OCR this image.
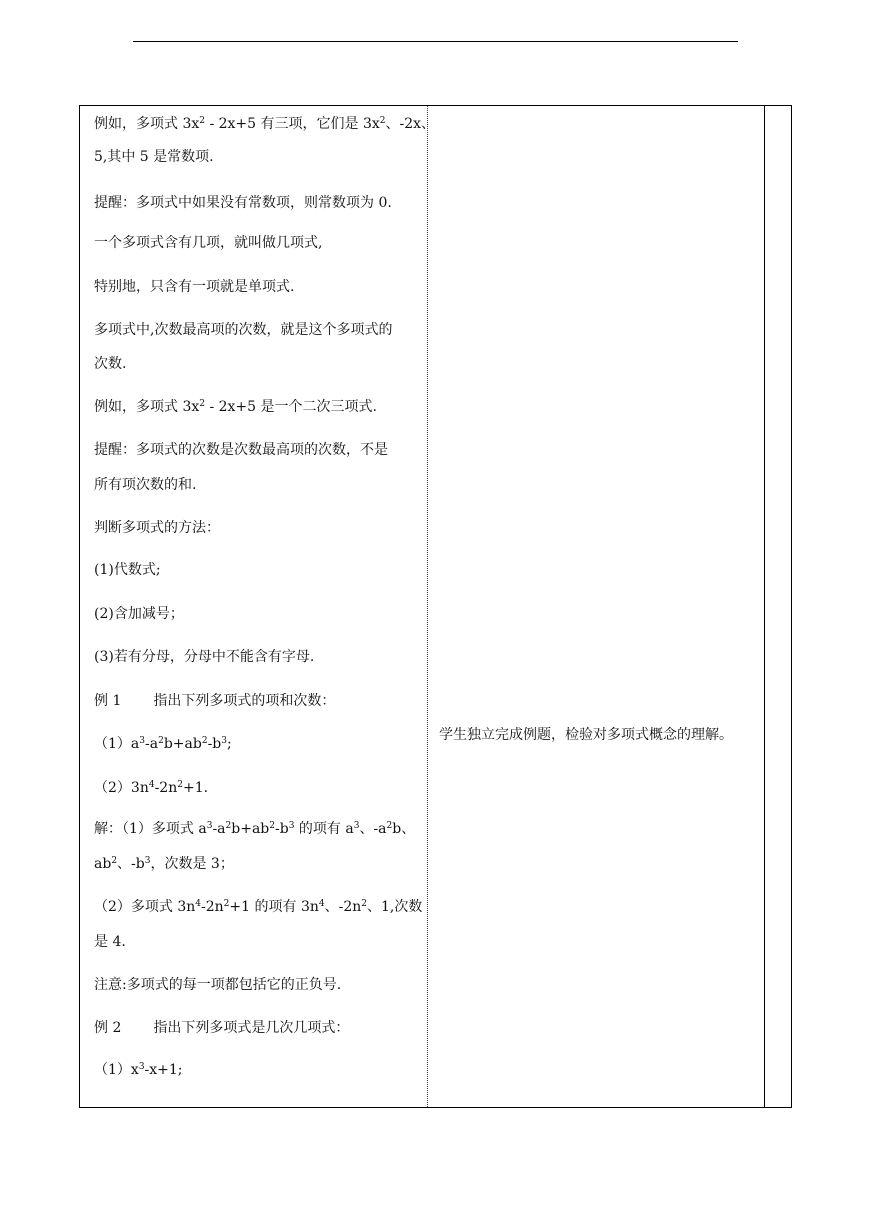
例如，多项式 $3x^2 - 2x+5$ 有三项，它们是 $3x^2$、-2x、
5,其中 5 是常数项.
提醒：多项式中如果没有常数项，则常数项为 0.
一个多项式含有几项，就叫做几项式,
特别地，只含有一项就是单项式.
多项式中,次数最高项的次数，就是这个多项式的
次数.
例如，多项式 $3x^2 - 2x+5$ 是一个二次三项式.
提醒：多项式的次数是次数最高项的次数，不是
所有项次数的和.
判断多项式的方法：
(1)代数式;
(2)含加减号；
(3)若有分母，分母中不能含有字母.
例 1 指出下列多项式的项和次数：
$(1)a^3-a^2b+ab^2-b^3$;
$(2)3n^4-2n^2+1$.
解：（1）多项式 $a^3-a^2b+ab^2-b^3$ 的项有 $a^3$、$-a^2b$、
$ab^2$、$-b^3$，次数是 3；
（2）多项式 $3n^4-2n^2+1$ 的项有 $3n^4$、$-2n^2$、1,次数
是 4.
注意:多项式的每一项都包括它的正负号.
例 2 指出下列多项式是几次几项式：
$(1)x^3-x+1$;
学生独立完成例题，检验对多项式概念的理解。
